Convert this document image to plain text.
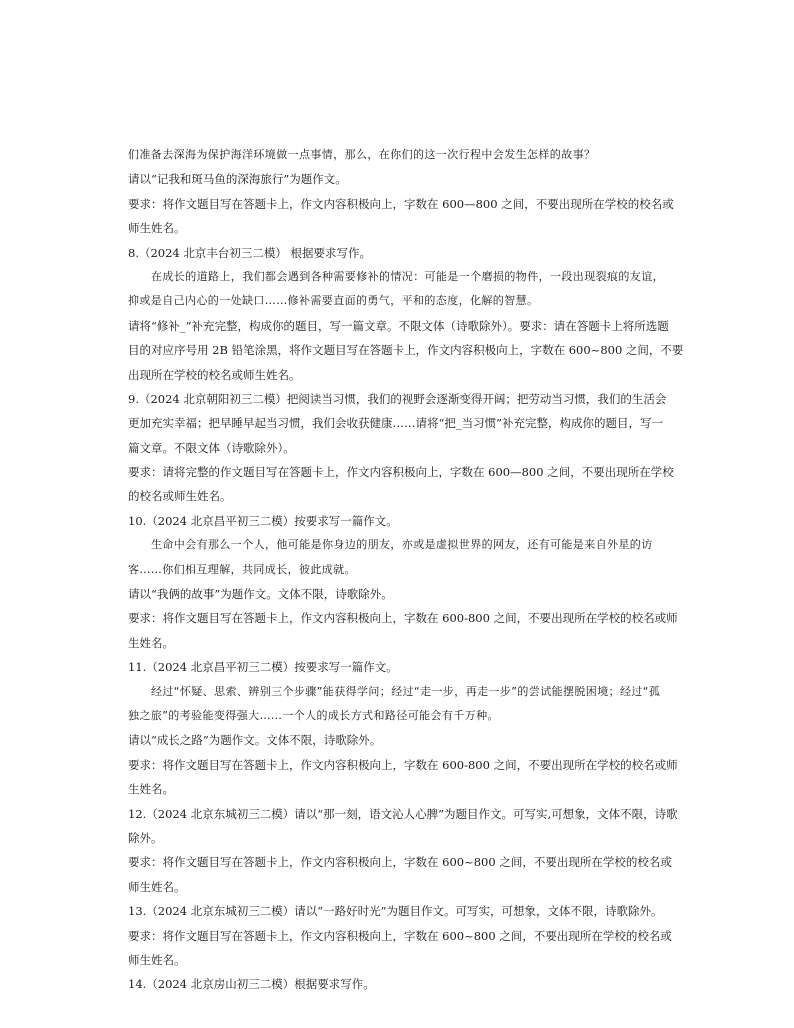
们准备去深海为保护海洋环境做一点事情，那么，在你们的这一次行程中会发生怎样的故事？
请以“记我和斑马鱼的深海旅行”为题作文。
要求：将作文题目写在答题卡上，作文内容积极向上，字数在 600—800 之间，不要出现所在学校的校名或
师生姓名。
8.（2024 北京丰台初三二模） 根据要求写作。
在成长的道路上，我们都会遇到各种需要修补的情况：可能是一个磨损的物件，一段出现裂痕的友谊，
抑或是自己内心的一处缺口……修补需要直面的勇气，平和的态度，化解的智慧。
请将“修补_”补充完整，构成你的题目，写一篇文章。不限文体（诗歌除外）。要求：请在答题卡上将所选题
目的对应序号用 2B 铅笔涂黑，将作文题目写在答题卡上，作文内容积极向上，字数在 600~800 之间，不要
出现所在学校的校名或师生姓名。
9.（2024 北京朝阳初三二模）把阅读当习惯，我们的视野会逐渐变得开阔；把劳动当习惯，我们的生活会
更加充实幸福；把早睡早起当习惯，我们会收获健康……请将“把_当习惯”补充完整，构成你的题目，写一
篇文章。不限文体（诗歌除外）。
要求：请将完整的作文题目写在答题卡上，作文内容积极向上，字数在 600—800 之间，不要出现所在学校
的校名或师生姓名。
10.（2024 北京昌平初三二模）按要求写一篇作文。
生命中会有那么一个人，他可能是你身边的朋友，亦或是虚拟世界的网友，还有可能是来自外星的访
客……你们相互理解，共同成长，彼此成就。
请以“我俩的故事”为题作文。文体不限，诗歌除外。
要求：将作文题目写在答题卡上，作文内容积极向上，字数在 600-800 之间，不要出现所在学校的校名或师
生姓名。
11.（2024 北京昌平初三二模）按要求写一篇作文。
经过“怀疑、思索、辨别三个步骤”能获得学问；经过“走一步，再走一步”的尝试能摆脱困境；经过“孤
独之旅”的考验能变得强大……一个人的成长方式和路径可能会有千万种。
请以“成长之路”为题作文。文体不限，诗歌除外。
要求：将作文题目写在答题卡上，作文内容积极向上，字数在 600-800 之间，不要出现所在学校的校名或师
生姓名。
12.（2024 北京东城初三二模）请以“那一刻，语文沁人心脾”为题目作文。可写实,可想象，文体不限，诗歌
除外。
要求：将作文题目写在答题卡上，作文内容积极向上，字数在 600~800 之间，不要出现所在学校的校名或
师生姓名。
13.（2024 北京东城初三二模）请以“一路好时光”为题目作文。可写实，可想象，文体不限，诗歌除外。
要求：将作文题目写在答题卡上，作文内容积极向上，字数在 600~800 之间，不要出现所在学校的校名或
师生姓名。
14.（2024 北京房山初三二模）根据要求写作。
